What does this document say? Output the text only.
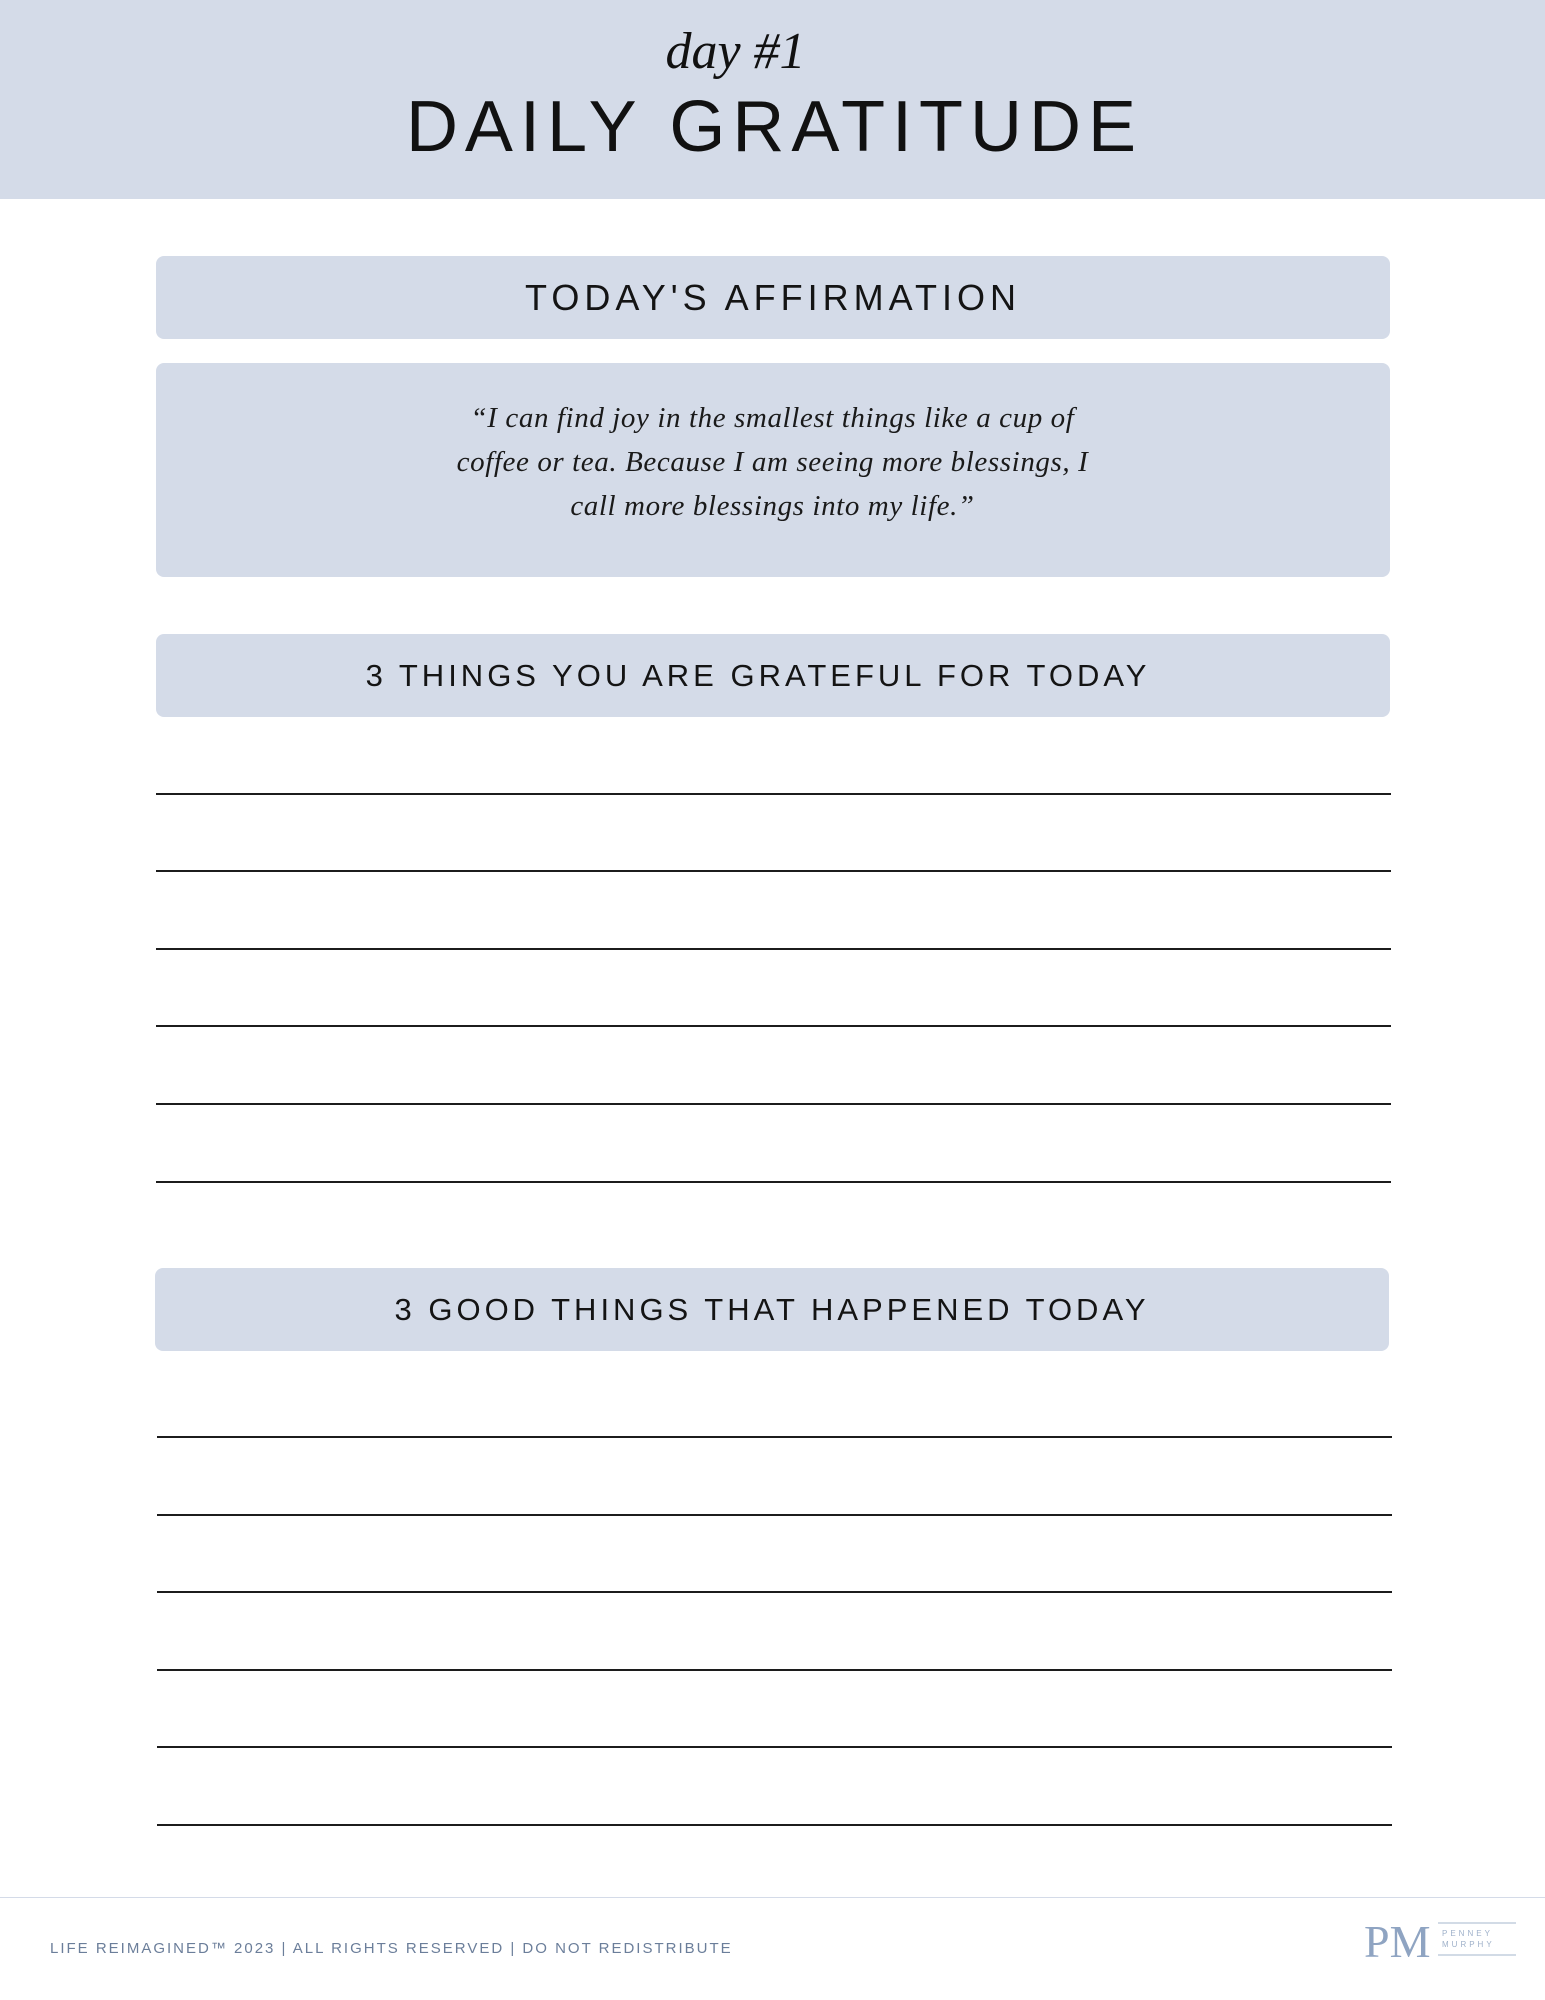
day #1
DAILY GRATITUDE
TODAY'S AFFIRMATION
“I can find joy in the smallest things like a cup of
coffee or tea. Because I am seeing more blessings, I
call more blessings into my life.”
3 THINGS YOU ARE GRATEFUL FOR TODAY
3 GOOD THINGS THAT HAPPENED TODAY
LIFE REIMAGINED™ 2023 | ALL RIGHTS RESERVED | DO NOT REDISTRIBUTE	PM PENNEY
MURPHY
